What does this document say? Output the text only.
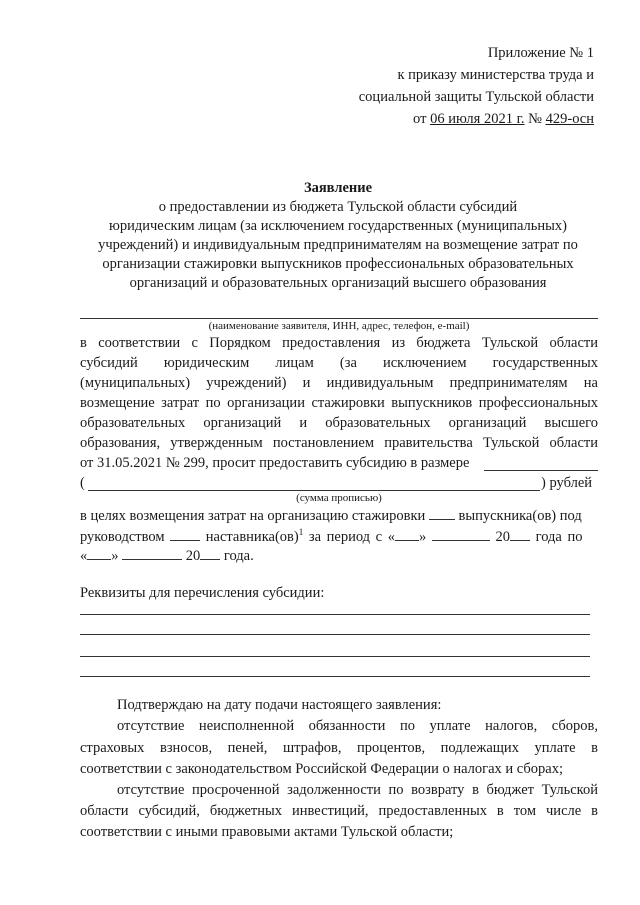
Приложение № 1
к приказу министерства труда и
социальной защиты Тульской области
от 06 июля 2021 г. № 429-осн
Заявление
о предоставлении из бюджета Тульской области субсидий
юридическим лицам (за исключением государственных (муниципальных)
учреждений) и индивидуальным предпринимателям на возмещение затрат по
организации стажировки выпускников профессиональных образовательных
организаций и образовательных организаций высшего образования
(наименование заявителя, ИНН, адрес, телефон, e-mail)
в соответствии с Порядком предоставления из бюджета Тульской области
субсидий юридическим лицам (за исключением государственных
(муниципальных) учреждений) и индивидуальным предпринимателям на
возмещение затрат по организации стажировки выпускников профессиональных
образовательных организаций и образовательных организаций высшего
образования, утвержденным постановлением правительства Тульской области
от 31.05.2021 № 299, просит предоставить субсидию в размере
(	) рублей
(сумма прописью)
в целях возмещения затрат на организацию стажировки выпускника(ов) под
руководством	наставника(ов)$^1$ за период с « »	20 года по
« »	20 года.
Реквизиты для перечисления субсидии:
Подтверждаю на дату подачи настоящего заявления:
отсутствие неисполненной обязанности по уплате налогов, сборов,
страховых взносов, пеней, штрафов, процентов, подлежащих уплате в
соответствии с законодательством Российской Федерации о налогах и сборах;
отсутствие просроченной задолженности по возврату в бюджет Тульской
области субсидий, бюджетных инвестиций, предоставленных в том числе в
соответствии с иными правовыми актами Тульской области;
